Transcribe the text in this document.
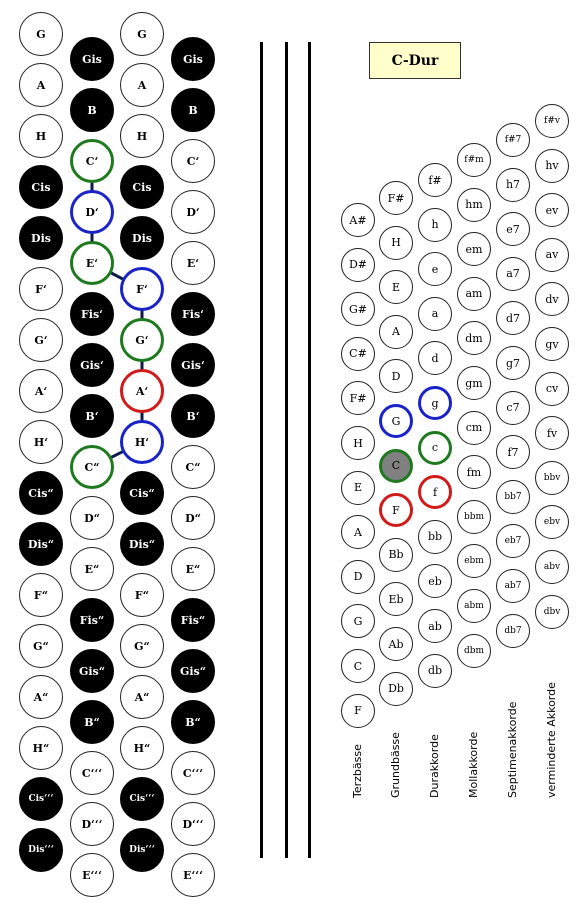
C-Dur
G
A
H
Cis
Dis
F‘
G‘
A‘
H‘
Cis“
Dis“
F“
G“
A“
H“
Cis‘‘‘
Dis‘‘‘
Gis
B
C‘
D‘
E‘
Fis‘
Gis‘
B‘
C“
D“
E“
Fis“
Gis“
B“
C‘‘‘
D‘‘‘
E‘‘‘
G
A
H
Cis
Dis
F‘
G‘
A‘
H‘
Cis“
Dis“
F“
G“
A“
H“
Cis‘‘‘
Dis‘‘‘
Gis
B
C‘
D‘
E‘
Fis‘
Gis‘
B‘
C“
D“
E“
Fis“
Gis“
B“
C‘‘‘
D‘‘‘
E‘‘‘
A#
D#
G#
C#
F#
H
E
A
D
G
C
F
Terzbässe
F#
H
E
A
D
G
C
F
Bb
Eb
Ab
Db
Grundbässe
f#
h
e
a
d
g
c
f
bb
eb
ab
db
Durakkorde
f#m
hm
em
am
dm
gm
cm
fm
bbm
ebm
abm
dbm
Mollakkorde
f#7
h7
e7
a7
d7
g7
c7
f7
bb7
eb7
ab7
db7
Septimenakkorde
f#v
hv
ev
av
dv
gv
cv
fv
bbv
ebv
abv
dbv
verminderte Akkorde
